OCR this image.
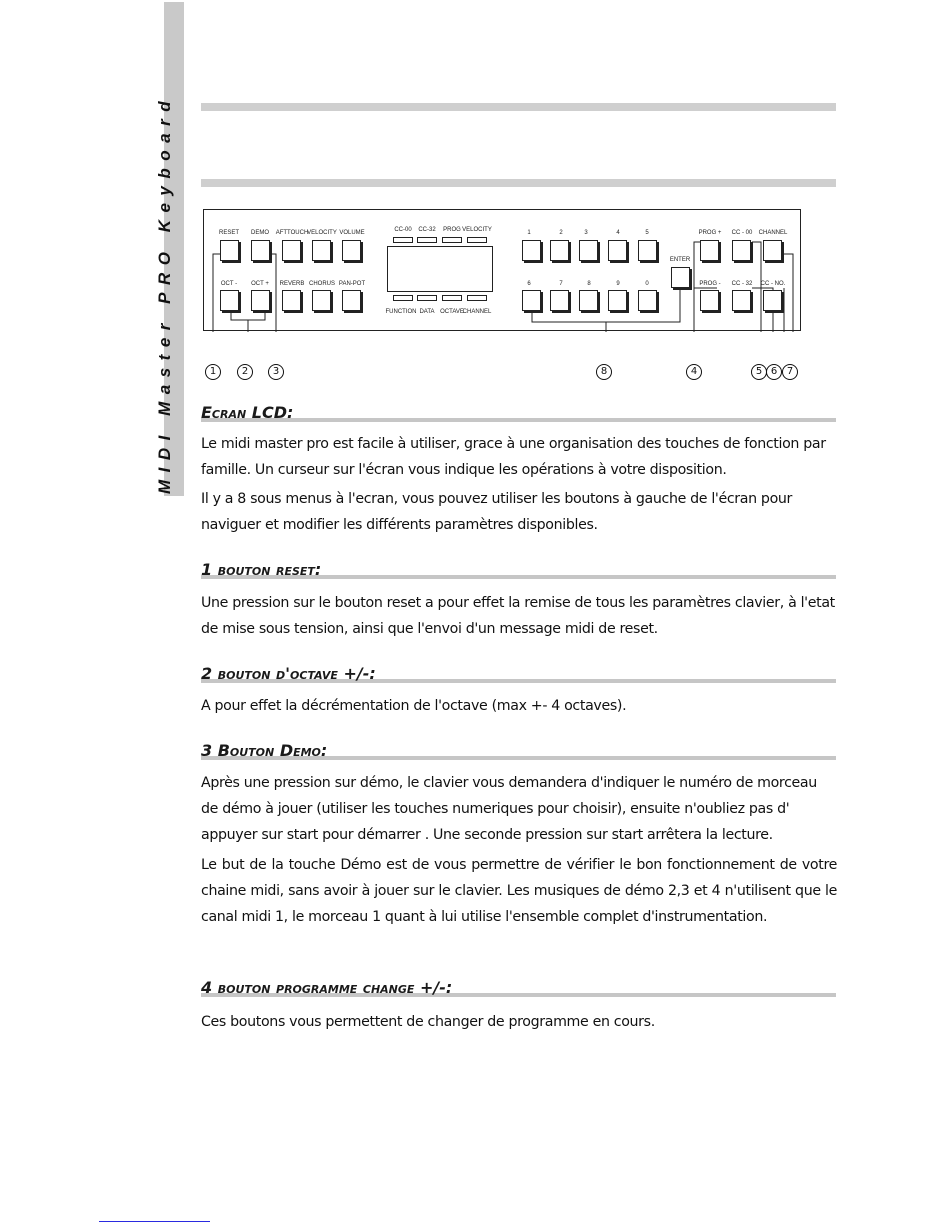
MIDI Master PRO Keyboard	RESET DEMO AFTTOUCH
VELOCITY VOLUME
OCT - OCT + REVERB CHORUS PAN-POT
CC-00 CC-32 PROG VELOCITY
FUNCTION DATA OCTAVE
CHANNEL
1	2	3	4	5
6	7	8	9	0
ENTER
PROG + CC - 00 CHANNEL
PROG - CC - 32 CC - NO.
1	2	3	8	4	5 6 7
Ecran LCD:
Le midi master pro est facile à utiliser, grace à une organisation des touches de fonction par famille. Un curseur sur l'écran vous indique les opérations à votre disposition.
Il y a 8 sous menus à l'ecran, vous pouvez utiliser les boutons à gauche de l'écran pour naviguer et modifier les différents paramètres disponibles.
1 bouton reset:
Une pression sur le bouton reset a pour effet la remise de tous les paramètres clavier, à l'etat de mise sous tension, ainsi que l'envoi d'un message midi de reset.
2 bouton d'octave +/-:
A pour effet la décrémentation de l'octave (max +- 4 octaves).
3 Bouton Demo:
Après une pression sur démo, le clavier vous demandera d'indiquer le numéro de morceau de démo à jouer (utiliser les touches numeriques pour choisir), ensuite n'oubliez pas d' appuyer sur start pour démarrer . Une seconde pression sur start arrêtera la lecture.
Le but de la touche Démo est de vous permettre de vérifier le bon fonctionnement de votre chaine midi, sans avoir à jouer sur le clavier. Les musiques de démo 2,3 et 4 n'utilisent que le canal midi 1, le morceau 1 quant à lui utilise l'ensemble complet d'instrumentation.
4 bouton programme change +/-:
Ces boutons vous permettent de changer de programme en cours.
